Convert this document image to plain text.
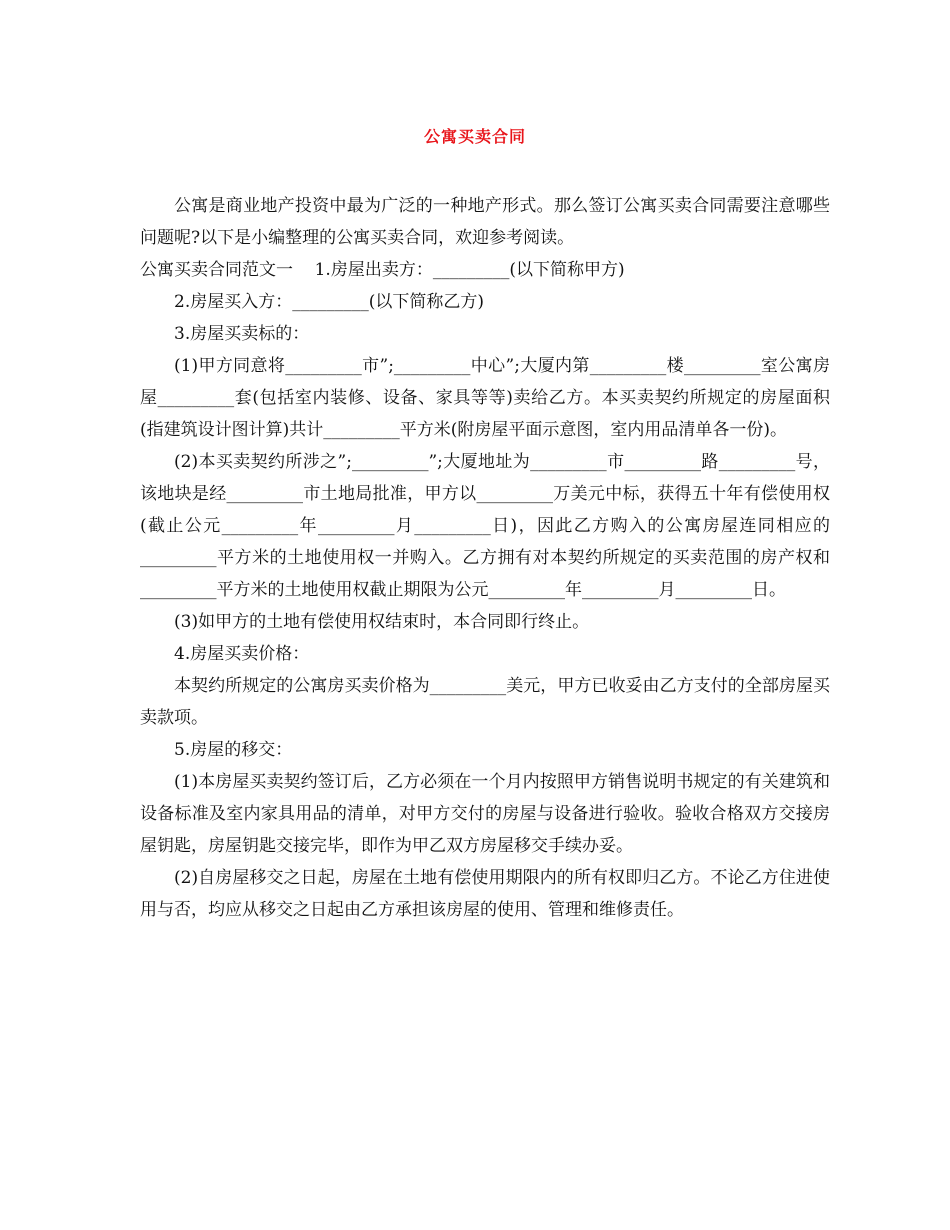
公寓买卖合同

公寓是商业地产投资中最为广泛的一种地产形式。那么签订公寓买卖合同需要注意哪些问题呢?以下是小编整理的公寓买卖合同，欢迎参考阅读。

公寓买卖合同范文一    1.房屋出卖方：_________(以下简称甲方)

2.房屋买入方：_________(以下简称乙方)

3.房屋买卖标的：

(1)甲方同意将_________市”;_________中心”;大厦内第_________楼_________室公寓房屋_________套(包括室内装修、设备、家具等等)卖给乙方。本买卖契约所规定的房屋面积(指建筑设计图计算)共计_________平方米(附房屋平面示意图，室内用品清单各一份)。

(2)本买卖契约所涉之”;_________”;大厦地址为_________市_________路_________号，该地块是经_________市土地局批准，甲方以_________万美元中标，获得五十年有偿使用权(截止公元_________年_________月_________日)，因此乙方购入的公寓房屋连同相应的_________平方米的土地使用权一并购入。乙方拥有对本契约所规定的买卖范围的房产权和_________平方米的土地使用权截止期限为公元_________年_________月_________日。

(3)如甲方的土地有偿使用权结束时，本合同即行终止。

4.房屋买卖价格：

本契约所规定的公寓房买卖价格为_________美元，甲方已收妥由乙方支付的全部房屋买卖款项。

5.房屋的移交：

(1)本房屋买卖契约签订后，乙方必须在一个月内按照甲方销售说明书规定的有关建筑和设备标准及室内家具用品的清单，对甲方交付的房屋与设备进行验收。验收合格双方交接房屋钥匙，房屋钥匙交接完毕，即作为甲乙双方房屋移交手续办妥。

(2)自房屋移交之日起，房屋在土地有偿使用期限内的所有权即归乙方。不论乙方住进使用与否，均应从移交之日起由乙方承担该房屋的使用、管理和维修责任。
